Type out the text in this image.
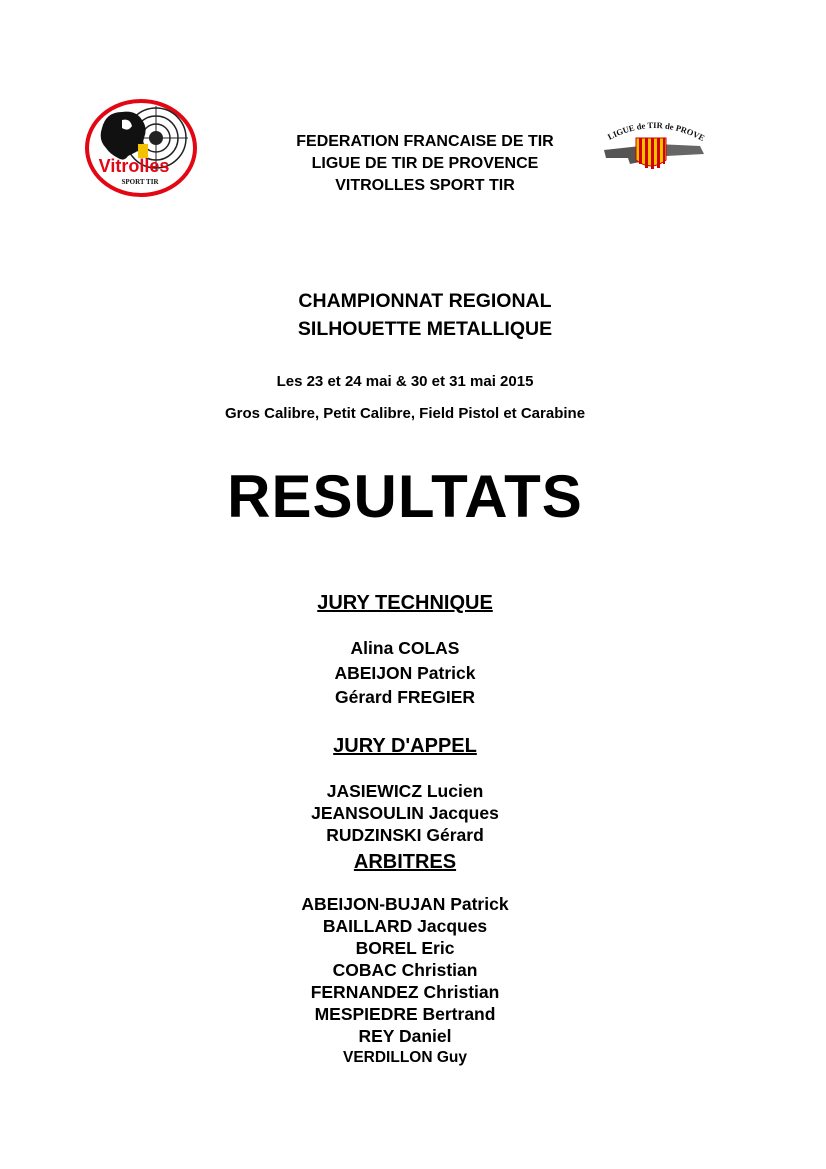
Vitrolles
SPORT TIR
LIGUE de TIR de PROVE
FEDERATION FRANCAISE DE TIR
LIGUE DE TIR DE PROVENCE
VITROLLES SPORT TIR
CHAMPIONNAT REGIONAL
SILHOUETTE METALLIQUE
Les 23 et 24 mai & 30 et 31 mai 2015
Gros Calibre, Petit Calibre, Field Pistol et Carabine
RESULTATS
JURY TECHNIQUE
Alina COLAS
ABEIJON Patrick
Gérard FREGIER
JURY D'APPEL
JASIEWICZ Lucien
JEANSOULIN Jacques
RUDZINSKI Gérard
ARBITRES
ABEIJON-BUJAN Patrick
BAILLARD Jacques
BOREL Eric
COBAC Christian
FERNANDEZ Christian
MESPIEDRE Bertrand
REY Daniel
VERDILLON Guy
